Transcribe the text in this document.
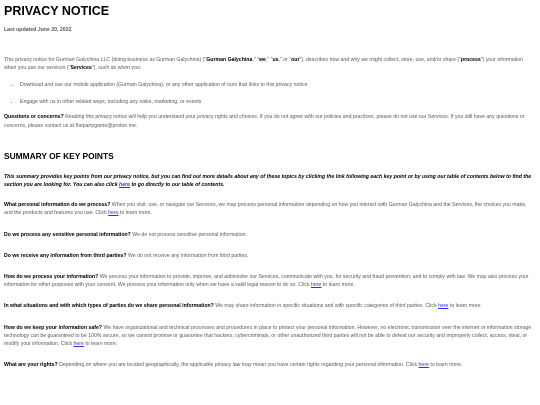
PRIVACY NOTICE
Last updated June 20, 2022

This privacy notice for Gurman Galychina LLC (doing business as Gurman Galychina) ("Gurman Galychina," "we," "us," or "our"), describes how and why we might collect, store, use, and/or share ("process") your information when you use our services ("Services"), such as when you:

• Download and use our mobile application (Gurman Galychina), or any other application of ours that links to this privacy notice
• Engage with us in other related ways, including any sales, marketing, or events

Questions or concerns? Reading this privacy notice will help you understand your privacy rights and choices. If you do not agree with our policies and practices, please do not use our Services. If you still have any questions or concerns, please contact us at thepartygame@proton.me.

SUMMARY OF KEY POINTS

This summary provides key points from our privacy notice, but you can find out more details about any of these topics by clicking the link following each key point or by using our table of contents below to find the section you are looking for. You can also click here to go directly to our table of contents.

What personal information do we process? When you visit, use, or navigate our Services, we may process personal information depending on how you interact with Gurman Galychina and the Services, the choices you make, and the products and features you use. Click here to learn more.

Do we process any sensitive personal information? We do not process sensitive personal information.

Do we receive any information from third parties? We do not receive any information from third parties.

How do we process your information? We process your information to provide, improve, and administer our Services, communicate with you, for security and fraud prevention, and to comply with law. We may also process your information for other purposes with your consent. We process your information only when we have a valid legal reason to do so. Click here to learn more.

In what situations and with which types of parties do we share personal information? We may share information in specific situations and with specific categories of third parties. Click here to learn more.

How do we keep your information safe? We have organizational and technical processes and procedures in place to protect your personal information. However, no electronic transmission over the internet or information storage technology can be guaranteed to be 100% secure, so we cannot promise or guarantee that hackers, cybercriminals, or other unauthorized third parties will not be able to defeat our security and improperly collect, access, steal, or modify your information. Click here to learn more.

What are your rights? Depending on where you are located geographically, the applicable privacy law may mean you have certain rights regarding your personal information. Click here to learn more.
